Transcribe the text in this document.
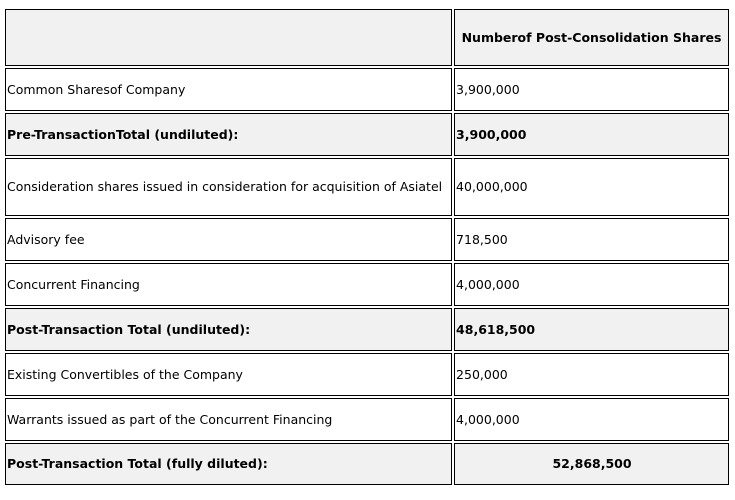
	Numberof Post-Consolidation Shares
Common Sharesof Company	3,900,000
Pre-TransactionTotal (undiluted):	3,900,000
Consideration shares issued in consideration for acquisition of Asiatel	40,000,000
Advisory fee	718,500
Concurrent Financing	4,000,000
Post-Transaction Total (undiluted):	48,618,500
Existing Convertibles of the Company	250,000
Warrants issued as part of the Concurrent Financing	4,000,000
Post-Transaction Total (fully diluted):	52,868,500
